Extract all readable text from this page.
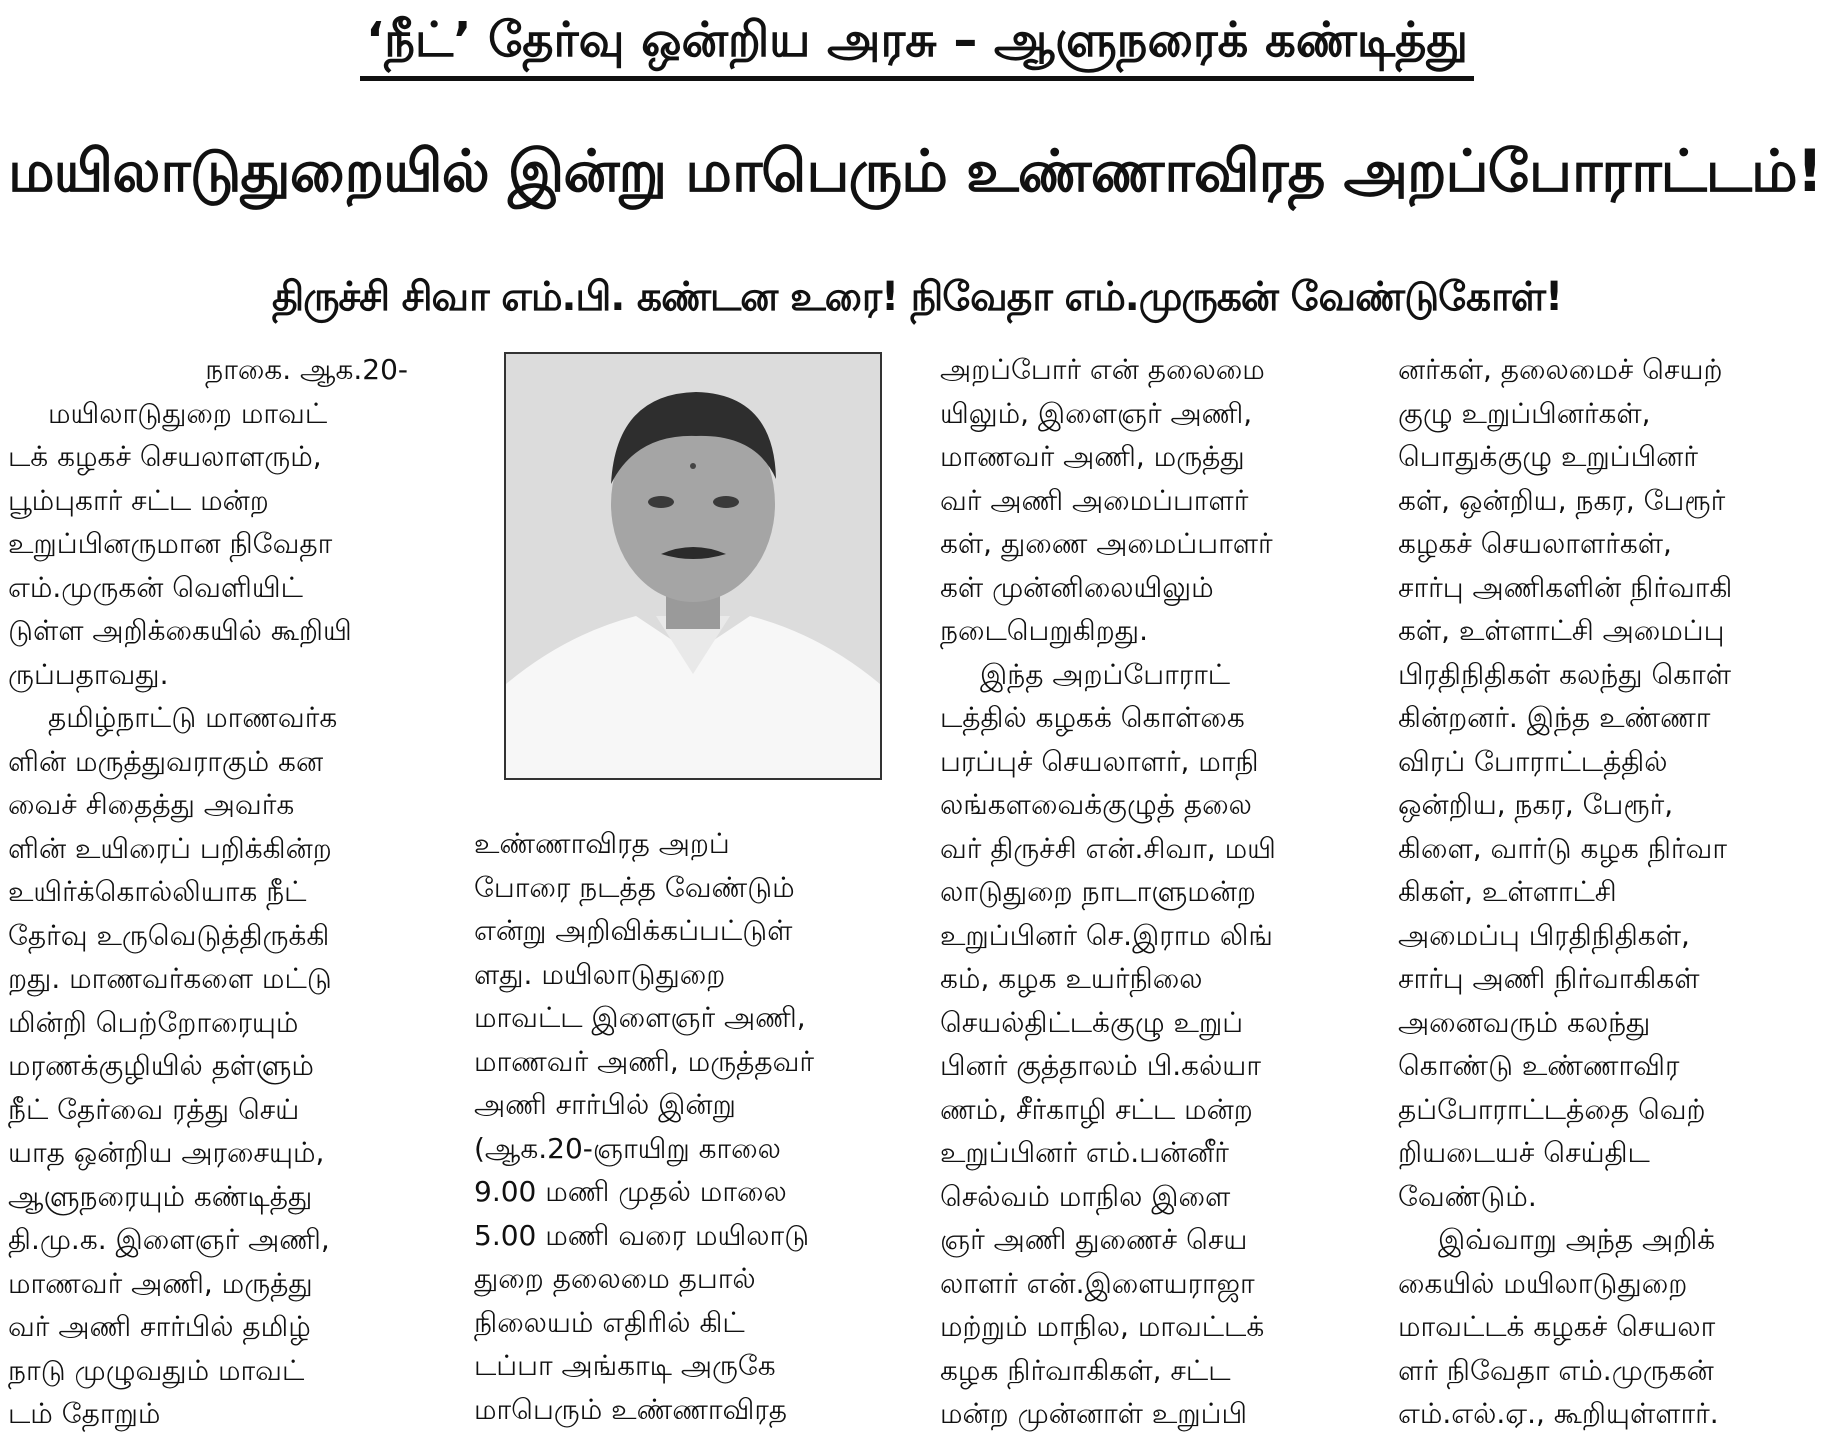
‘நீட்’ தேர்வு ஒன்றிய அரசு – ஆளுநரைக் கண்டித்து
மயிலாடுதுறையில் இன்று மாபெரும் உண்ணாவிரத அறப்போராட்டம்!
திருச்சி சிவா எம்.பி. கண்டன உரை! நிவேதா எம்.முருகன் வேண்டுகோள்!

நாகை. ஆக.20-

மயிலாடுதுறை மாவட்
டக் கழகச் செயலாளரும்,
பூம்புகார் சட்ட மன்ற
உறுப்பினருமான நிவேதா
எம்.முருகன் வெளியிட்
டுள்ள அறிக்கையில் கூறியி
ருப்பதாவது.

தமிழ்நாட்டு மாணவர்க
ளின் மருத்துவராகும் கன
வைச் சிதைத்து அவர்க
ளின் உயிரைப் பறிக்கின்ற
உயிர்க்கொல்லியாக நீட்
தேர்வு உருவெடுத்திருக்கி
றது. மாணவர்களை மட்டு
மின்றி பெற்றோரையும்
மரணக்குழியில் தள்ளும்
நீட் தேர்வை ரத்து செய்
யாத ஒன்றிய அரசையும்,
ஆளுநரையும் கண்டித்து
தி.மு.க. இளைஞர் அணி,
மாணவர் அணி, மருத்து
வர் அணி சார்பில் தமிழ்
நாடு முழுவதும் மாவட்
டம் தோறும்

உண்ணாவிரத அறப்
போரை நடத்த வேண்டும்
என்று அறிவிக்கப்பட்டுள்
ளது. மயிலாடுதுறை
மாவட்ட இளைஞர் அணி,
மாணவர் அணி, மருத்தவர்
அணி சார்பில் இன்று
(ஆக.20-ஞாயிறு காலை
9.00 மணி முதல் மாலை
5.00 மணி வரை மயிலாடு
துறை தலைமை தபால்
நிலையம் எதிரில் கிட்
டப்பா அங்காடி அருகே
மாபெரும் உண்ணாவிரத

அறப்போர் என் தலைமை
யிலும், இளைஞர் அணி,
மாணவர் அணி, மருத்து
வர் அணி அமைப்பாளர்
கள், துணை அமைப்பாளர்
கள் முன்னிலையிலும்
நடைபெறுகிறது.

இந்த அறப்போராட்
டத்தில் கழகக் கொள்கை
பரப்புச் செயலாளர், மாநி
லங்களவைக்குழுத் தலை
வர் திருச்சி என்.சிவா, மயி
லாடுதுறை நாடாளுமன்ற
உறுப்பினர் செ.இராம லிங்
கம், கழக உயர்நிலை
செயல்திட்டக்குழு உறுப்
பினர் குத்தாலம் பி.கல்யா
ணம், சீர்காழி சட்ட மன்ற
உறுப்பினர் எம்.பன்னீர்
செல்வம் மாநில இளை
ஞர் அணி துணைச் செய
லாளர் என்.இளையராஜா
மற்றும் மாநில, மாவட்டக்
கழக நிர்வாகிகள், சட்ட
மன்ற முன்னாள் உறுப்பி

னர்கள், தலைமைச் செயற்
குழு உறுப்பினர்கள்,
பொதுக்குழு உறுப்பினர்
கள், ஒன்றிய, நகர, பேரூர்
கழகச் செயலாளர்கள்,
சார்பு அணிகளின் நிர்வாகி
கள், உள்ளாட்சி அமைப்பு
பிரதிநிதிகள் கலந்து கொள்
கின்றனர். இந்த உண்ணா
விரப் போராட்டத்தில்
ஒன்றிய, நகர, பேரூர்,
கிளை, வார்டு கழக நிர்வா
கிகள், உள்ளாட்சி
அமைப்பு பிரதிநிதிகள்,
சார்பு அணி நிர்வாகிகள்
அனைவரும் கலந்து
கொண்டு உண்ணாவிர
தப்போராட்டத்தை வெற்
றியடையச் செய்திட
வேண்டும்.

இவ்வாறு அந்த அறிக்
கையில் மயிலாடுதுறை
மாவட்டக் கழகச் செயலா
ளர் நிவேதா எம்.முருகன்
எம்.எல்.ஏ., கூறியுள்ளார்.
